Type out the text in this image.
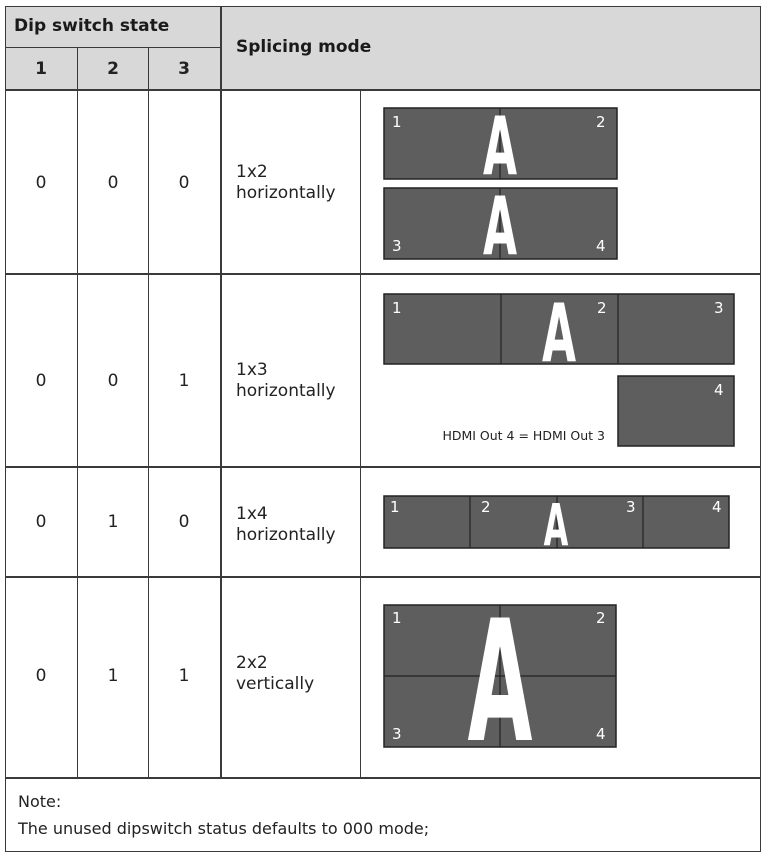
Dip switch state
1	2	3
Splicing mode
0	0	0
1x2
horizontally
0	0	1
1x3
horizontally
0	1	0	1x4
horizontally
0	1	1
2x2
vertically
A
A
A
A
A
1	2
3	4
1	2	3
4
1	2	3	4
1	2
3	4
HDMI Out 4 = HDMI Out 3
Note:
The unused dipswitch status defaults to 000 mode;
